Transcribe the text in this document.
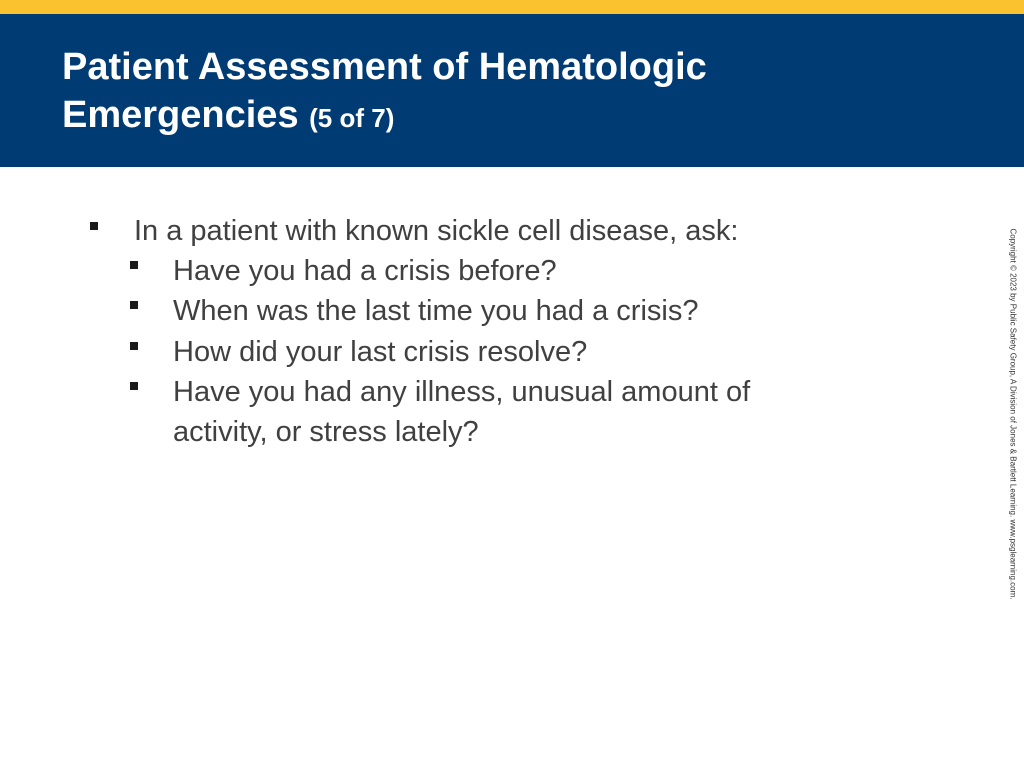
Patient Assessment of Hematologic Emergencies (5 of 7)
In a patient with known sickle cell disease, ask:
Have you had a crisis before?
When was the last time you had a crisis?
How did your last crisis resolve?
Have you had any illness, unusual amount of activity, or stress lately?	Copyright © 2023 by Public Safety Group, A Division of Jones & Bartlett Learning. www.psglearning.com.
